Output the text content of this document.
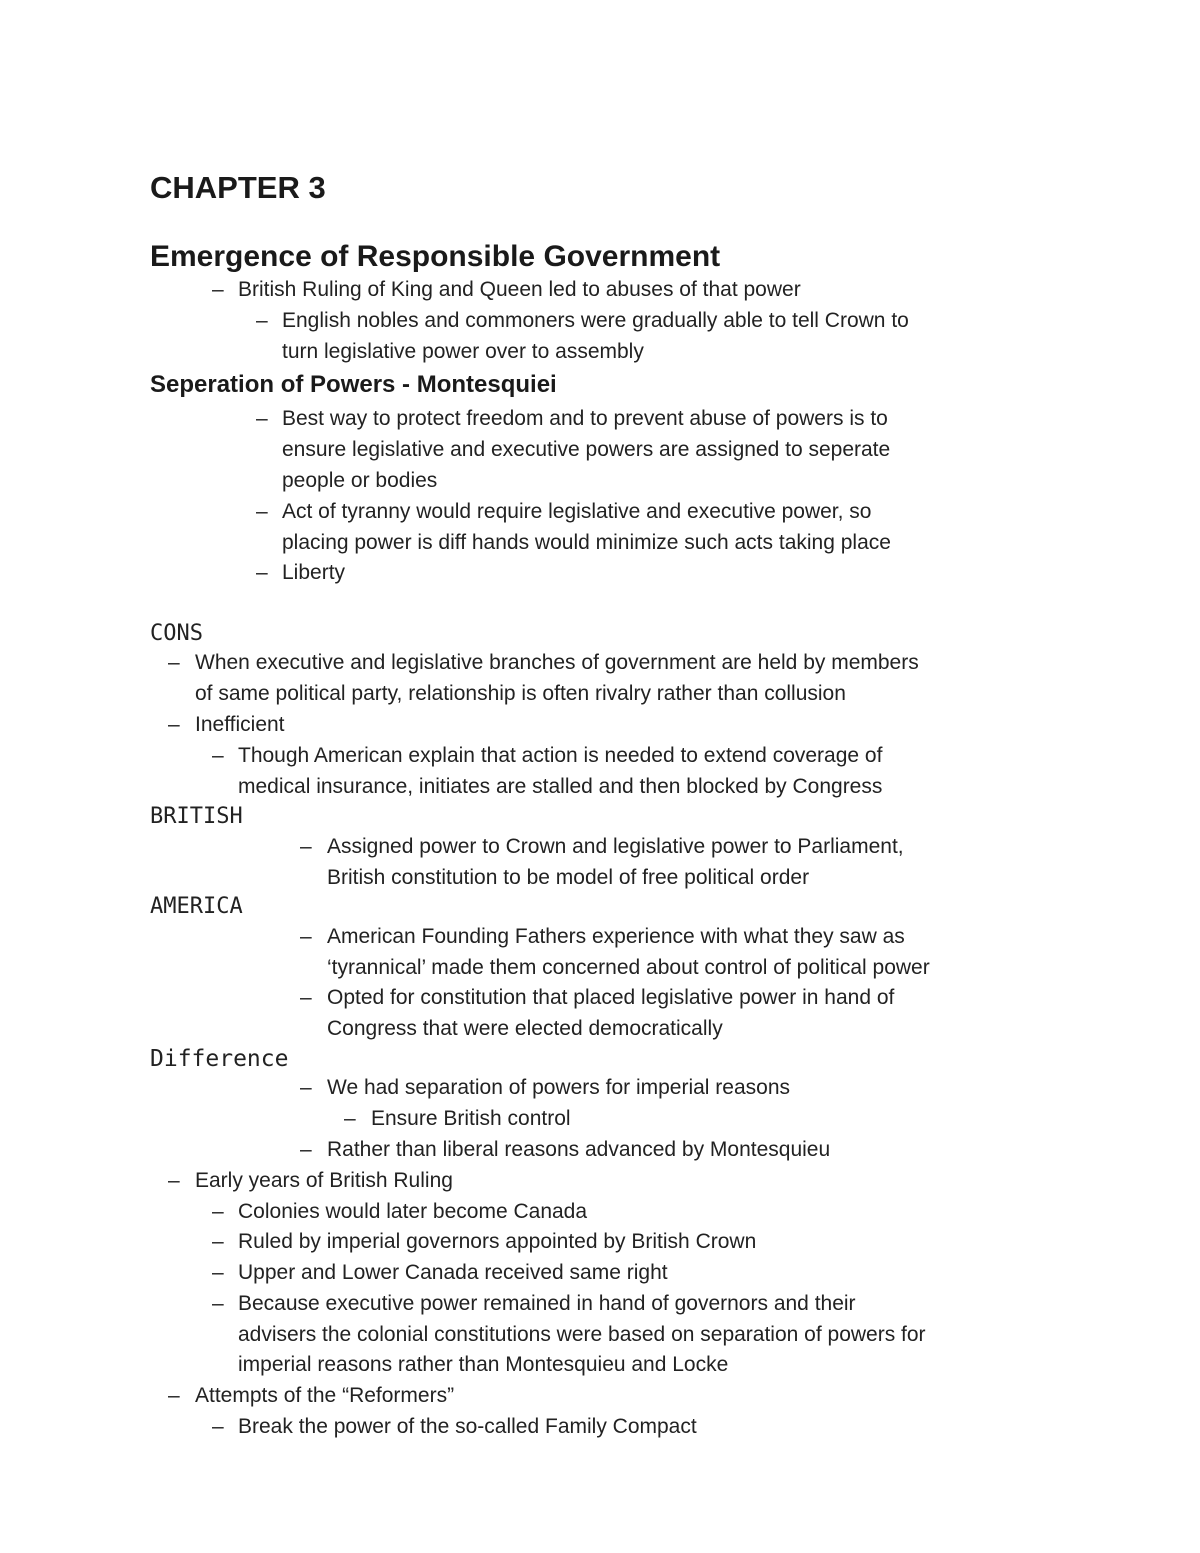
CHAPTER 3
Emergence of Responsible Government
– British Ruling of King and Queen led to abuses of that power
– English nobles and commoners were gradually able to tell Crown to
turn legislative power over to assembly
Seperation of Powers - Montesquiei
– Best way to protect freedom and to prevent abuse of powers is to
ensure legislative and executive powers are assigned to seperate
people or bodies
– Act of tyranny would require legislative and executive power, so
placing power is diff hands would minimize such acts taking place
– Liberty
CONS
– When executive and legislative branches of government are held by members
of same political party, relationship is often rivalry rather than collusion
– Inefficient
– Though American explain that action is needed to extend coverage of
medical insurance, initiates are stalled and then blocked by Congress
BRITISH
– Assigned power to Crown and legislative power to Parliament,
British constitution to be model of free political order
AMERICA
– American Founding Fathers experience with what they saw as
‘tyrannical’ made them concerned about control of political power
– Opted for constitution that placed legislative power in hand of
Congress that were elected democratically
Difference
– We had separation of powers for imperial reasons
– Ensure British control
– Rather than liberal reasons advanced by Montesquieu
– Early years of British Ruling
– Colonies would later become Canada
– Ruled by imperial governors appointed by British Crown
– Upper and Lower Canada received same right
– Because executive power remained in hand of governors and their
advisers the colonial constitutions were based on separation of powers for
imperial reasons rather than Montesquieu and Locke
– Attempts of the “Reformers”
– Break the power of the so-called Family Compact
